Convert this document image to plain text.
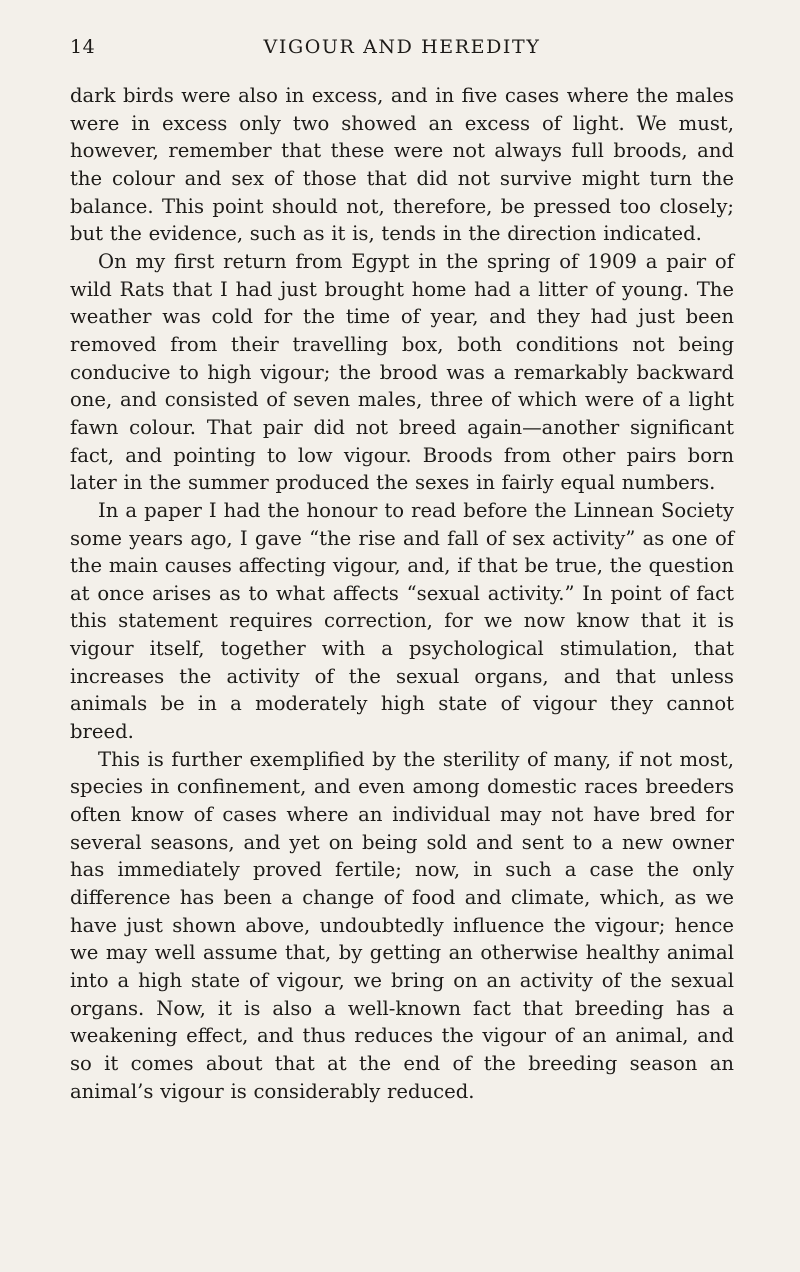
14	VIGOUR AND HEREDITY

dark birds were also in excess, and in five cases where the males were in excess only two showed an excess of light. We must, however, remember that these were not always full broods, and the colour and sex of those that did not survive might turn the balance. This point should not, therefore, be pressed too closely; but the evidence, such as it is, tends in the direction indicated.

On my first return from Egypt in the spring of 1909 a pair of wild Rats that I had just brought home had a litter of young. The weather was cold for the time of year, and they had just been removed from their travelling box, both conditions not being conducive to high vigour; the brood was a remarkably backward one, and consisted of seven males, three of which were of a light fawn colour. That pair did not breed again—another significant fact, and pointing to low vigour. Broods from other pairs born later in the summer produced the sexes in fairly equal numbers.

In a paper I had the honour to read before the Linnean Society some years ago, I gave “the rise and fall of sex activity” as one of the main causes affecting vigour, and, if that be true, the question at once arises as to what affects “sexual activity.” In point of fact this statement requires correction, for we now know that it is vigour itself, together with a psychological stimulation, that increases the activity of the sexual organs, and that unless animals be in a moderately high state of vigour they cannot breed.

This is further exemplified by the sterility of many, if not most, species in confinement, and even among domestic races breeders often know of cases where an individual may not have bred for several seasons, and yet on being sold and sent to a new owner has immediately proved fertile; now, in such a case the only difference has been a change of food and climate, which, as we have just shown above, undoubtedly influence the vigour; hence we may well assume that, by getting an otherwise healthy animal into a high state of vigour, we bring on an activity of the sexual organs. Now, it is also a well-known fact that breeding has a weakening effect, and thus reduces the vigour of an animal, and so it comes about that at the end of the breeding season an animal’s vigour is considerably reduced.
